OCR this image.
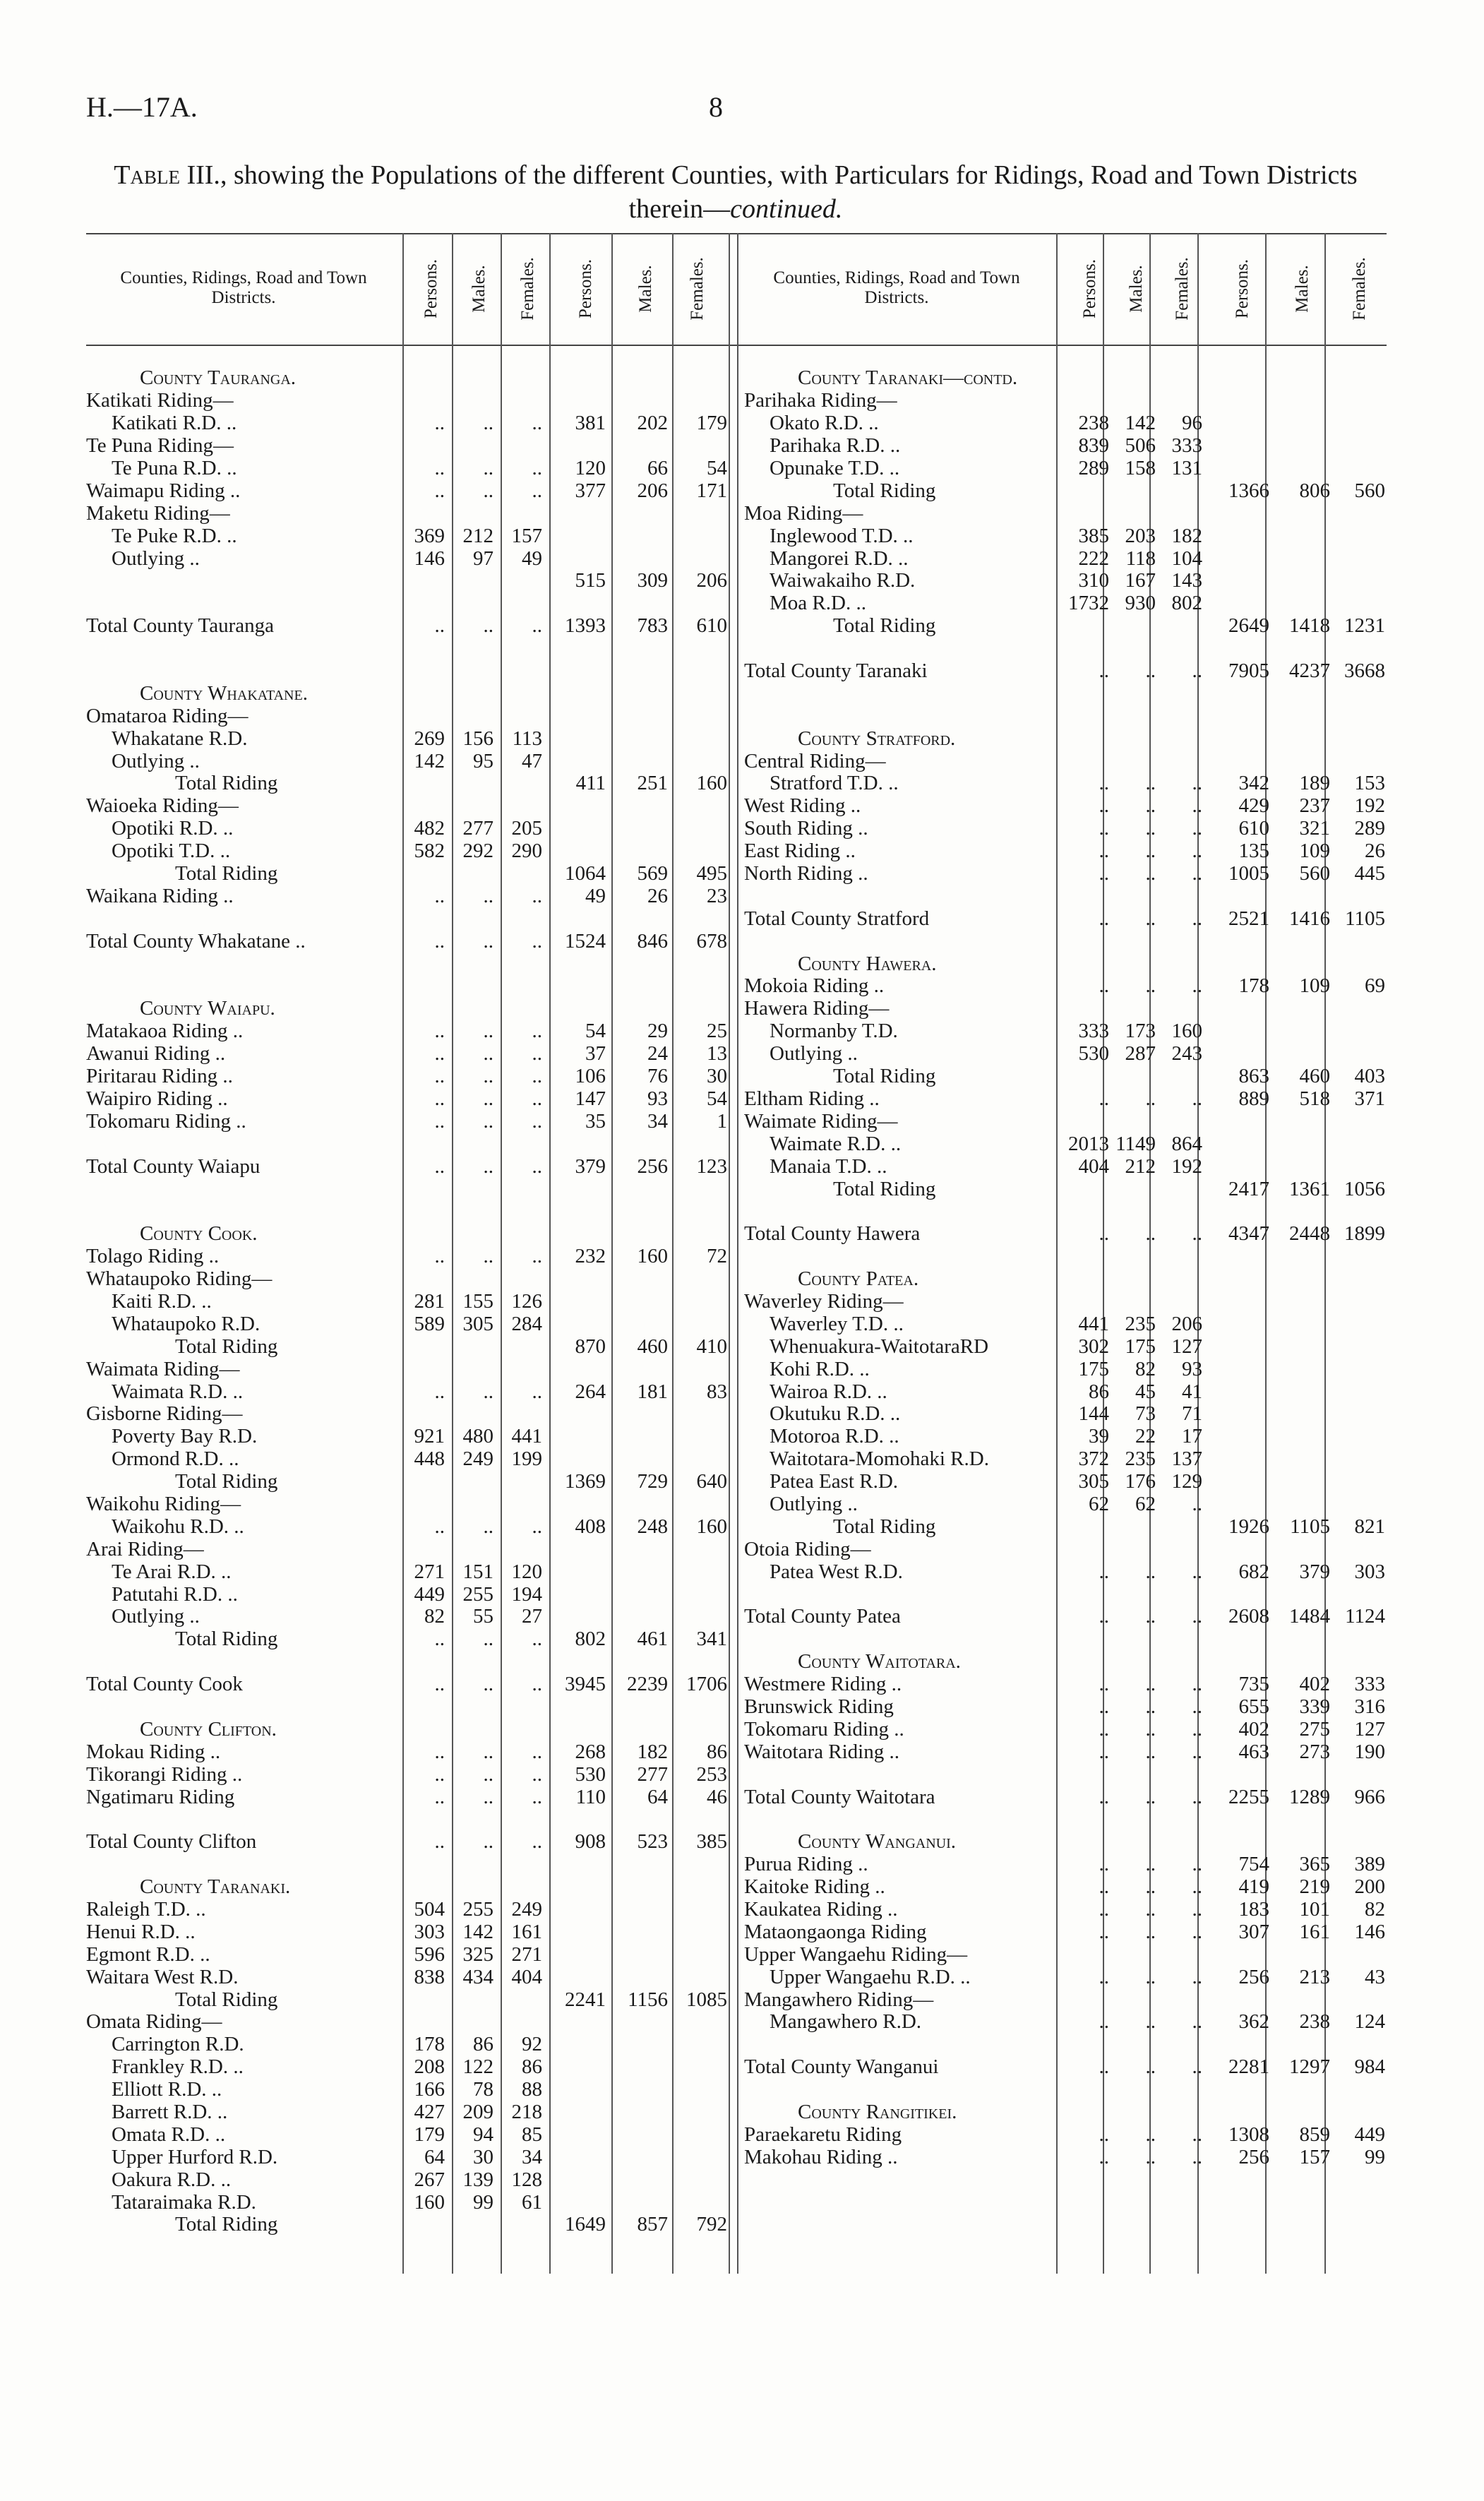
H.—17A.	8
Table III., showing the Populations of the different Counties, with Particulars for Ridings, Road and Town Districts therein—continued.
Counties, Ridings, Road and Town Districts.	Persons. Males. Females. Persons. Males. Females.	Counties, Ridings, Road and Town Districts.	Persons. Males. Females. Persons. Males. Females.
County Tauranga.						
Katikati Riding—						
Katikati R.D. ..	..	..	..	381	202	179
Te Puna Riding—						
Te Puna R.D. ..	..	..	..	120	66	54
Waimapu Riding ..	..	..	..	377	206	171
Maketu Riding—						
Te Puke R.D. ..	369	212	157			
Outlying ..	146	97	49			
				515	309	206

Total County Tauranga	..	..	..	1393	783	610

County Whakatane.						
Omataroa Riding—						
Whakatane R.D.	269	156	113			
Outlying ..	142	95	47			
Total Riding				411	251	160
Waioeka Riding—						
Opotiki R.D. ..	482	277	205			
Opotiki T.D. ..	582	292	290			
Total Riding				1064	569	495
Waikana Riding ..	..	..	..	49	26	23

Total County Whakatane ..	..	..	..	1524	846	678

County Waiapu.						
Matakaoa Riding ..	..	..	..	54	29	25
Awanui Riding ..	..	..	..	37	24	13
Piritarau Riding ..	..	..	..	106	76	30
Waipiro Riding ..	..	..	..	147	93	54
Tokomaru Riding ..	..	..	..	35	34	1

Total County Waiapu	..	..	..	379	256	123

County Cook.						
Tolago Riding ..	..	..	..	232	160	72
Whataupoko Riding—						
Kaiti R.D. ..	281	155	126			
Whataupoko R.D.	589	305	284			
Total Riding				870	460	410
Waimata Riding—						
Waimata R.D. ..	..	..	..	264	181	83
Gisborne Riding—						
Poverty Bay R.D.	921	480	441			
Ormond R.D. ..	448	249	199			
Total Riding				1369	729	640
Waikohu Riding—						
Waikohu R.D. ..	..	..	..	408	248	160
Arai Riding—						
Te Arai R.D. ..	271	151	120			
Patutahi R.D. ..	449	255	194			
Outlying ..	82	55	27			
Total Riding	..	..	..	802	461	341

Total County Cook	..	..	..	3945	2239	1706

County Clifton.						
Mokau Riding ..	..	..	..	268	182	86
Tikorangi Riding ..	..	..	..	530	277	253
Ngatimaru Riding	..	..	..	110	64	46

Total County Clifton	..	..	..	908	523	385

County Taranaki.						
Raleigh T.D. ..	504	255	249			
Henui R.D. ..	303	142	161			
Egmont R.D. ..	596	325	271			
Waitara West R.D.	838	434	404			
Total Riding				2241	1156	1085
Omata Riding—						
Carrington R.D.	178	86	92			
Frankley R.D. ..	208	122	86			
Elliott R.D. ..	166	78	88			
Barrett R.D. ..	427	209	218			
Omata R.D. ..	179	94	85			
Upper Hurford R.D.	64	30	34			
Oakura R.D. ..	267	139	128			
Tataraimaka R.D.	160	99	61			
Total Riding				1649	857	792
County Taranaki—contd.						
Parihaka Riding—						
Okato R.D. ..	238	142	96			
Parihaka R.D. ..	839	506	333			
Opunake T.D. ..	289	158	131			
Total Riding				1366	806	560
Moa Riding—						
Inglewood T.D. ..	385	203	182			
Mangorei R.D. ..	222	118	104			
Waiwakaiho R.D.	310	167	143			
Moa R.D. ..	1732	930	802			
Total Riding				2649	1418	1231

Total County Taranaki	..	..	..	7905	4237	3668

County Stratford.						
Central Riding—						
Stratford T.D. ..	..	..	..	342	189	153
West Riding ..	..	..	..	429	237	192
South Riding ..	..	..	..	610	321	289
East Riding ..	..	..	..	135	109	26
North Riding ..	..	..	..	1005	560	445

Total County Stratford	..	..	..	2521	1416	1105

County Hawera.						
Mokoia Riding ..	..	..	..	178	109	69
Hawera Riding—						
Normanby T.D.	333	173	160			
Outlying ..	530	287	243			
Total Riding				863	460	403
Eltham Riding ..	..	..	..	889	518	371
Waimate Riding—						
Waimate R.D. ..	2013	1149	864			
Manaia T.D. ..	404	212	192			
Total Riding				2417	1361	1056

Total County Hawera	..	..	..	4347	2448	1899

County Patea.						
Waverley Riding—						
Waverley T.D. ..	441	235	206			
Whenuakura-WaitotaraRD	302	175	127			
Kohi R.D. ..	175	82	93			
Wairoa R.D. ..	86	45	41			
Okutuku R.D. ..	144	73	71			
Motoroa R.D. ..	39	22	17			
Waitotara-Momohaki R.D.	372	235	137			
Patea East R.D.	305	176	129			
Outlying ..	62	62	..			
Total Riding				1926	1105	821
Otoia Riding—						
Patea West R.D.	..	..	..	682	379	303

Total County Patea	..	..	..	2608	1484	1124

County Waitotara.						
Westmere Riding ..	..	..	..	735	402	333
Brunswick Riding	..	..	..	655	339	316
Tokomaru Riding ..	..	..	..	402	275	127
Waitotara Riding ..	..	..	..	463	273	190

Total County Waitotara	..	..	..	2255	1289	966

County Wanganui.						
Purua Riding ..	..	..	..	754	365	389
Kaitoke Riding ..	..	..	..	419	219	200
Kaukatea Riding ..	..	..	..	183	101	82
Mataongaonga Riding	..	..	..	307	161	146
Upper Wangaehu Riding—						
Upper Wangaehu R.D. ..	..	..	..	256	213	43
Mangawhero Riding—						
Mangawhero R.D.	..	..	..	362	238	124

Total County Wanganui	..	..	..	2281	1297	984

County Rangitikei.						
Paraekaretu Riding	..	..	..	1308	859	449
Makohau Riding ..	..	..	..	256	157	99
